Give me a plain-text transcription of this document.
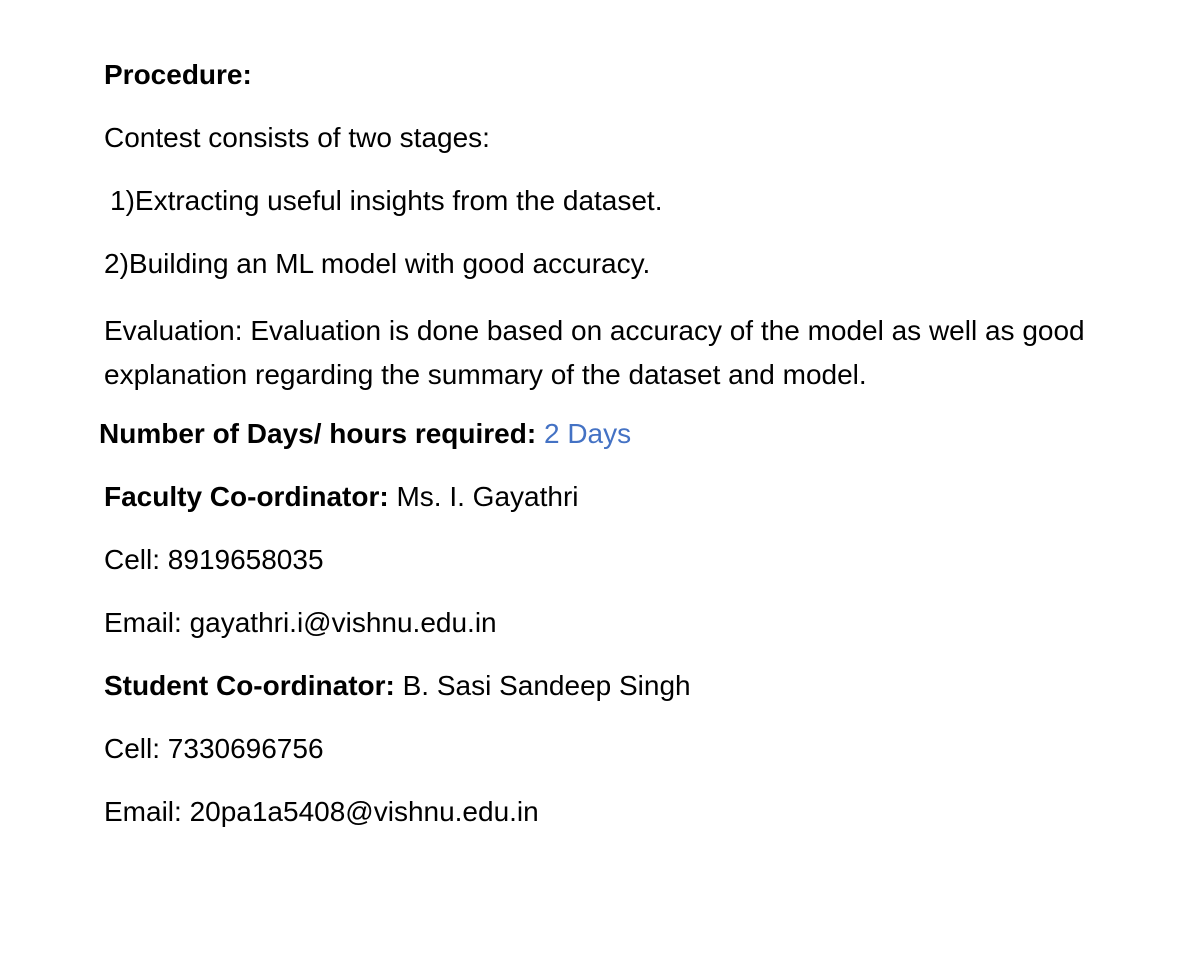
Procedure:

Contest consists of two stages:

1)Extracting useful insights from the dataset.

2)Building an ML model with good accuracy.

Evaluation: Evaluation is done based on accuracy of the model as well as good explanation regarding the summary of the dataset and model.

Number of Days/ hours required: 2 Days

Faculty Co-ordinator: Ms. I. Gayathri

Cell: 8919658035

Email: gayathri.i@vishnu.edu.in

Student Co-ordinator: B. Sasi Sandeep Singh

Cell: 7330696756

Email: 20pa1a5408@vishnu.edu.in
